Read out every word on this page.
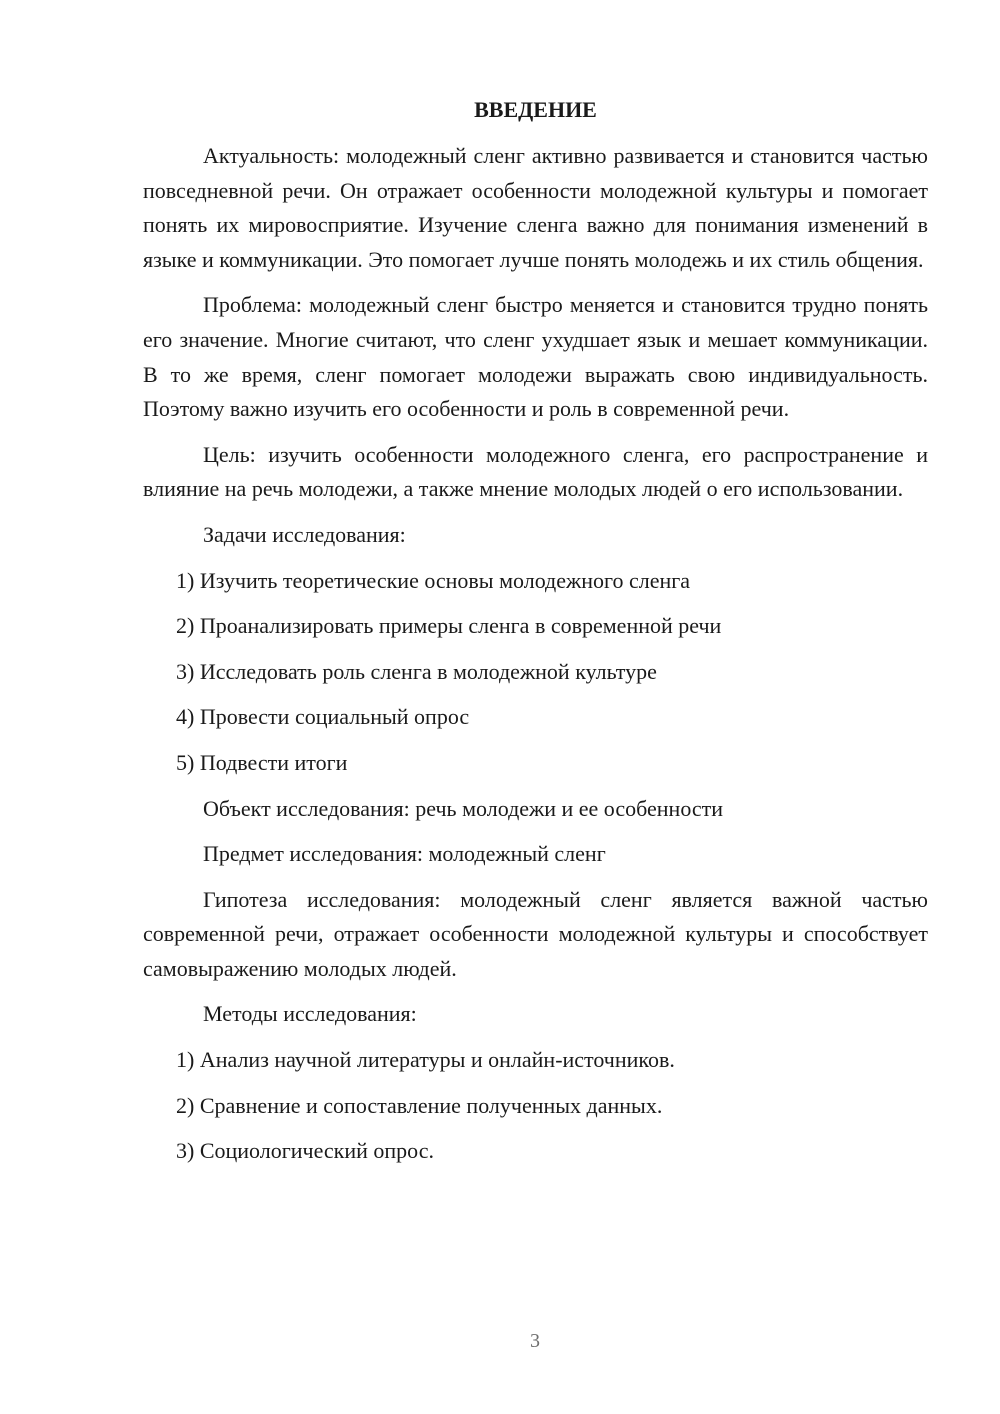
ВВЕДЕНИЕ

Актуальность: молодежный сленг активно развивается и становится частью повседневной речи. Он отражает особенности молодежной культуры и помогает понять их мировосприятие. Изучение сленга важно для понимания изменений в языке и коммуникации. Это помогает лучше понять молодежь и их стиль общения.

Проблема: молодежный сленг быстро меняется и становится трудно понять его значение. Многие считают, что сленг ухудшает язык и мешает коммуникации. В то же время, сленг помогает молодежи выражать свою индивидуальность. Поэтому важно изучить его особенности и роль в современной речи.

Цель: изучить особенности молодежного сленга, его распространение и влияние на речь молодежи, а также мнение молодых людей о его использовании.

Задачи исследования:

1) Изучить теоретические основы молодежного сленга

2) Проанализировать примеры сленга в современной речи

3) Исследовать роль сленга в молодежной культуре

4) Провести социальный опрос

5) Подвести итоги

Объект исследования: речь молодежи и ее особенности

Предмет исследования: молодежный сленг

Гипотеза исследования: молодежный сленг является важной частью современной речи, отражает особенности молодежной культуры и способствует самовыражению молодых людей.

Методы исследования:

1) Анализ научной литературы и онлайн-источников.

2) Сравнение и сопоставление полученных данных.

3) Социологический опрос.

3
